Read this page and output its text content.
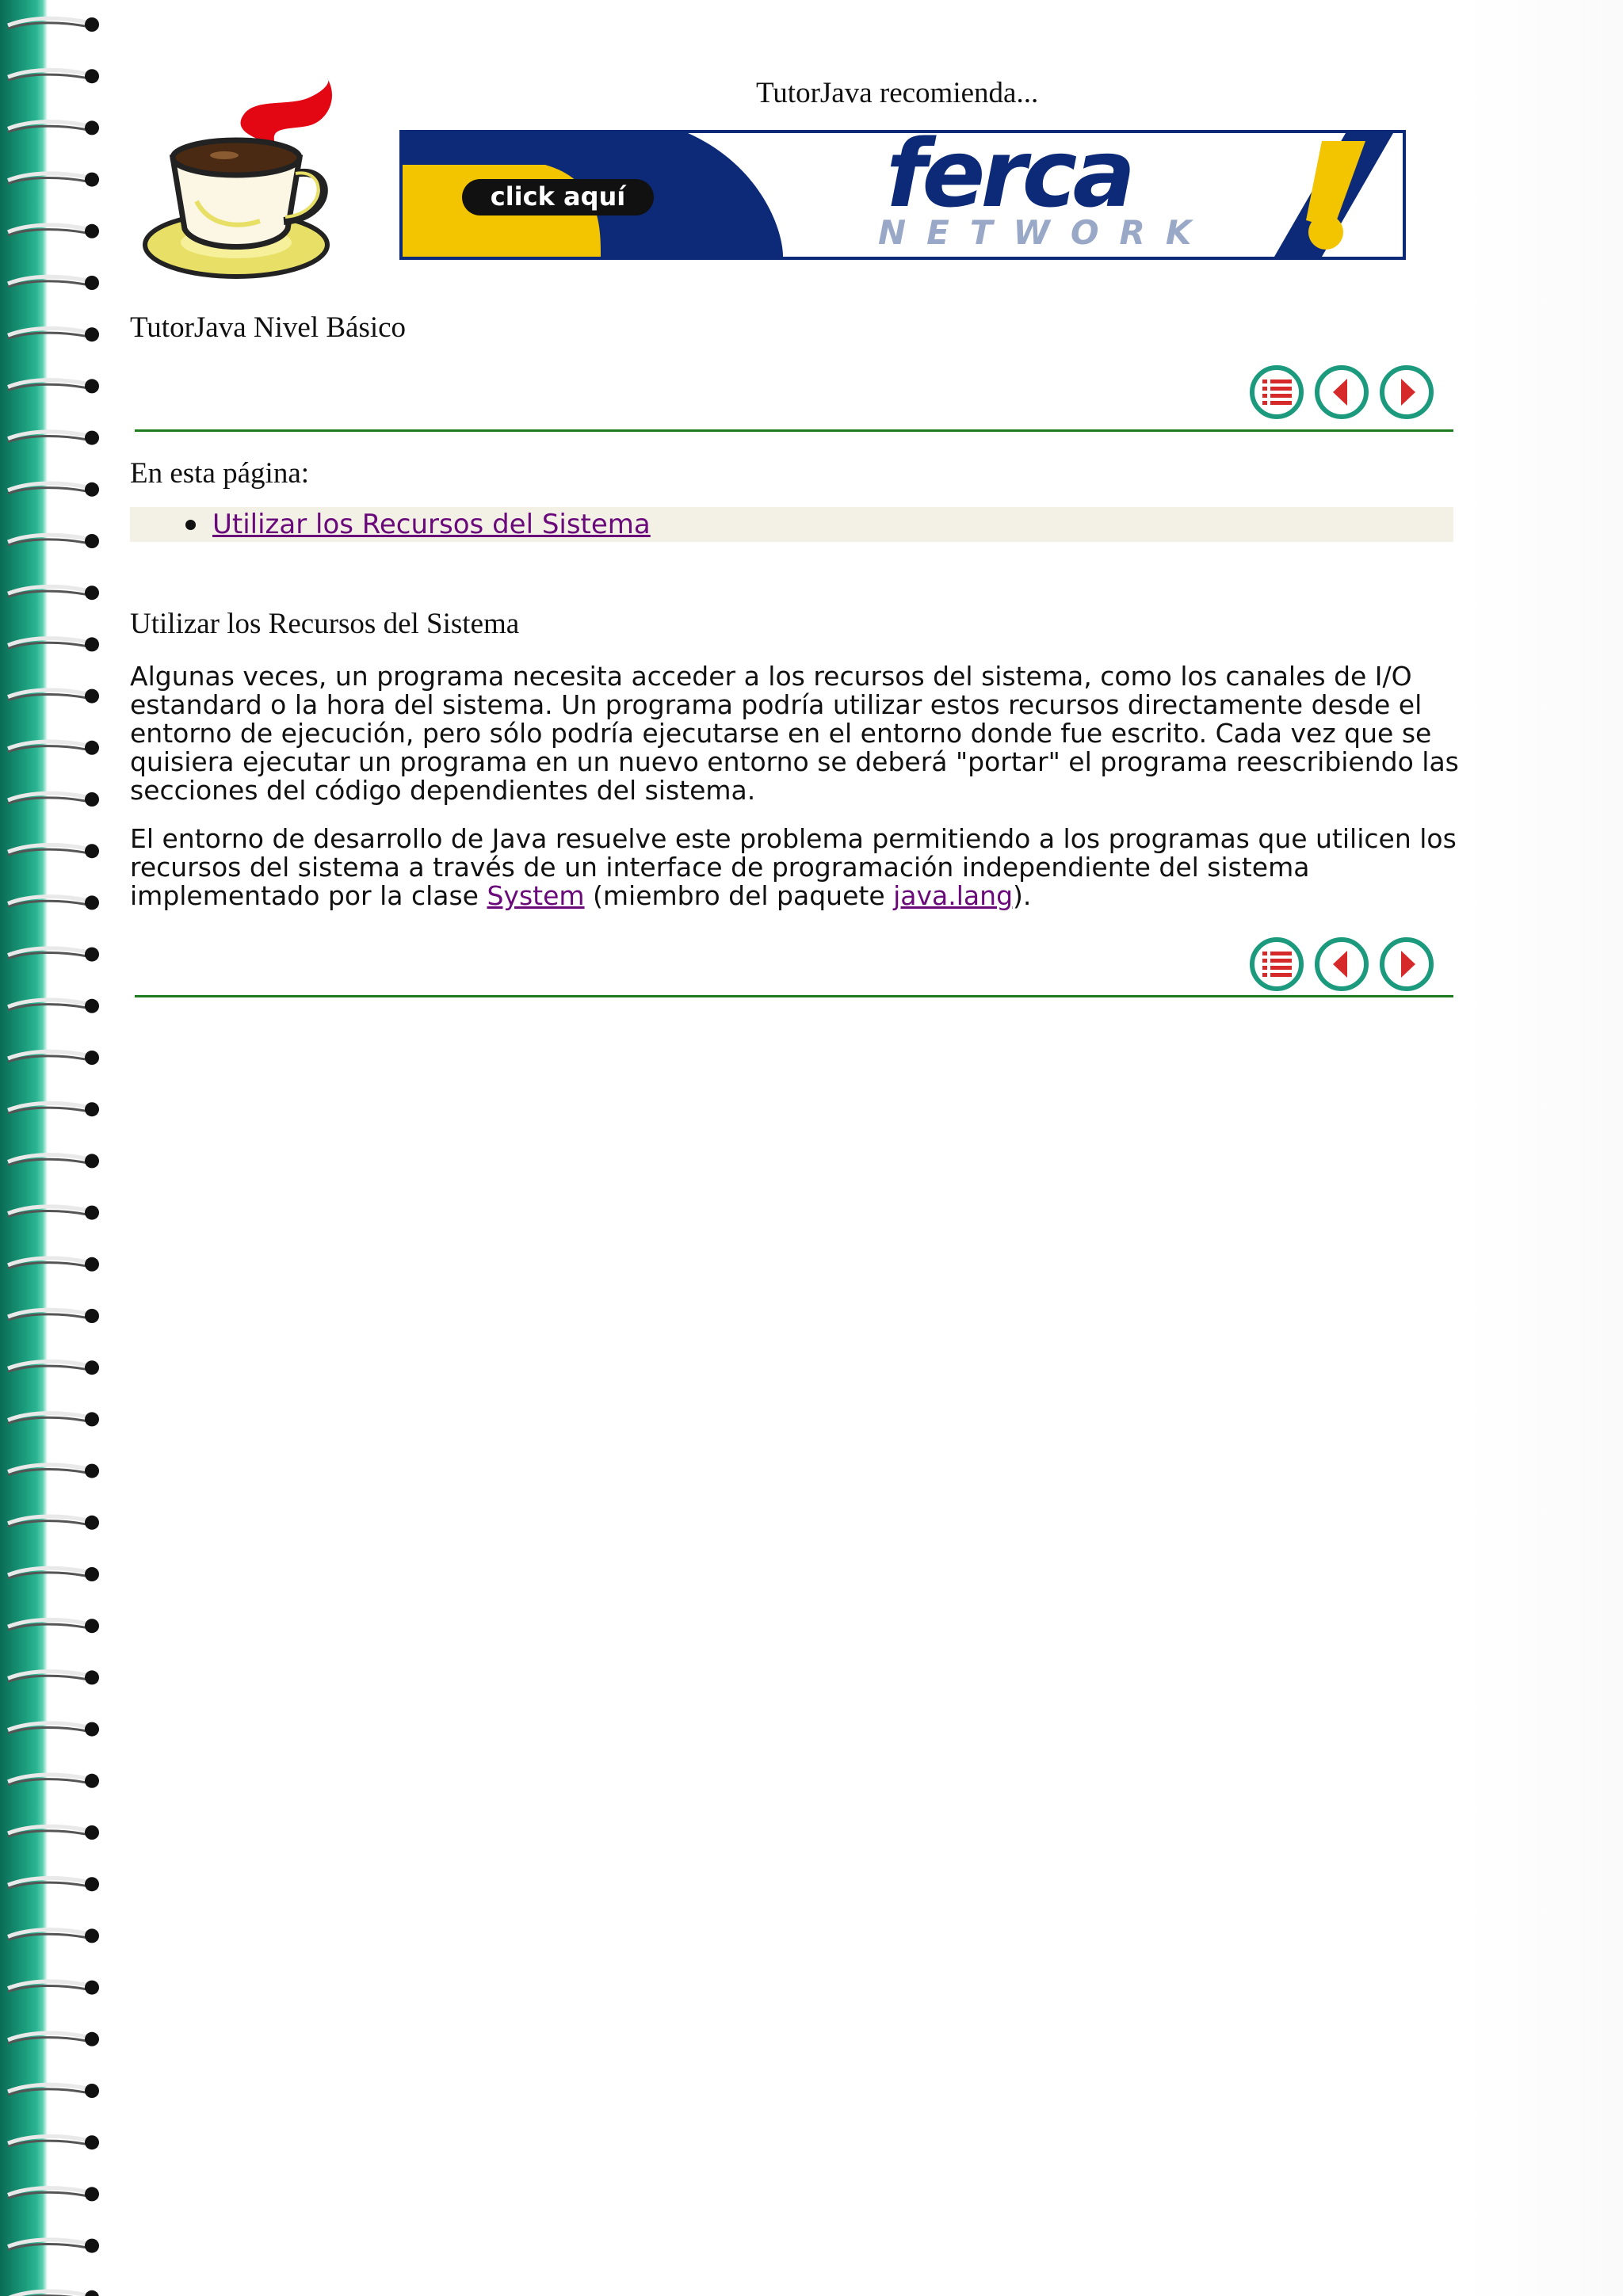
TutorJava recomienda...
click aquí	ferca
NETWORK
TutorJava Nivel Básico
En esta página:
Utilizar los Recursos del Sistema
Utilizar los Recursos del Sistema
Algunas veces, un programa necesita acceder a los recursos del sistema, como los canales de I/O estandard o la hora del sistema. Un programa podría utilizar estos recursos directamente desde el entorno de ejecución, pero sólo podría ejecutarse en el entorno donde fue escrito. Cada vez que se quisiera ejecutar un programa en un nuevo entorno se deberá "portar" el programa reescribiendo las secciones del código dependientes del sistema.
El entorno de desarrollo de Java resuelve este problema permitiendo a los programas que utilicen los recursos del sistema a través de un interface de programación independiente del sistema implementado por la clase System (miembro del paquete java.lang).
